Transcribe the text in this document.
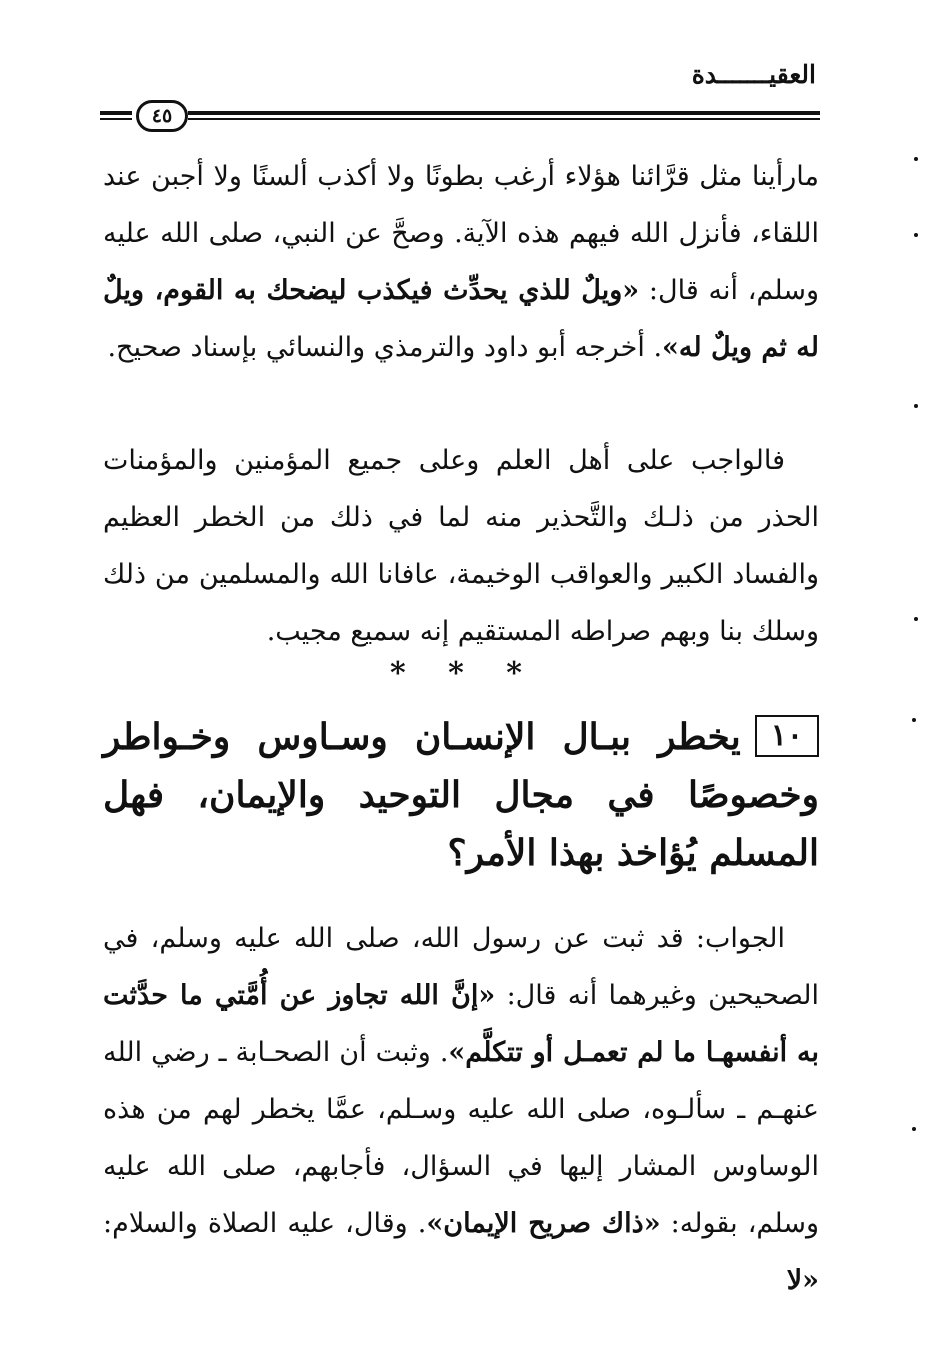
العقيـــــــدة
٤٥
مارأينا مثل قرَّائنا هؤلاء أرغب بطونًا ولا أكذب ألسنًا ولا أجبن عند اللقاء، فأنزل الله فيهم هذه الآية. وصحَّ عن النبي، صلى الله عليه وسلم، أنه قال: «ويلٌ للذي يحدِّث فيكذب ليضحك به القوم، ويلٌ له ثم ويلٌ له». أخرجه أبو داود والترمذي والنسائي بإسناد صحيح.
فالواجب على أهل العلم وعلى جميع المؤمنين والمؤمنات الحذر من ذلـك والتَّحذير منه لما في ذلك من الخطر العظيم والفساد الكبير والعواقب الوخيمة، عافانا الله والمسلمين من ذلك وسلك بنا وبهم صراطه المستقيم إنه سميع مجيب.
* * *
١٠يخطر ببـال الإنسـان وسـاوس وخـواطر وخصوصًا في مجال التوحيد والإيمان، فهل المسلم يُؤاخذ بهذا الأمر؟
الجواب: قد ثبت عن رسول الله، صلى الله عليه وسلم، في الصحيحين وغيرهما أنه قال: «إنَّ الله تجاوز عن أُمَّتي ما حدَّثت به أنفسهـا ما لم تعمـل أو تتكلَّم». وثبت أن الصحـابة ـ رضي الله عنهـم ـ سألـوه، صلى الله عليه وسـلم، عمَّا يخطر لهم من هذه الوساوس المشار إليها في السؤال، فأجابهم، صلى الله عليه وسلم، بقوله: «ذاك صريح الإيمان». وقال، عليه الصلاة والسلام: «لا
